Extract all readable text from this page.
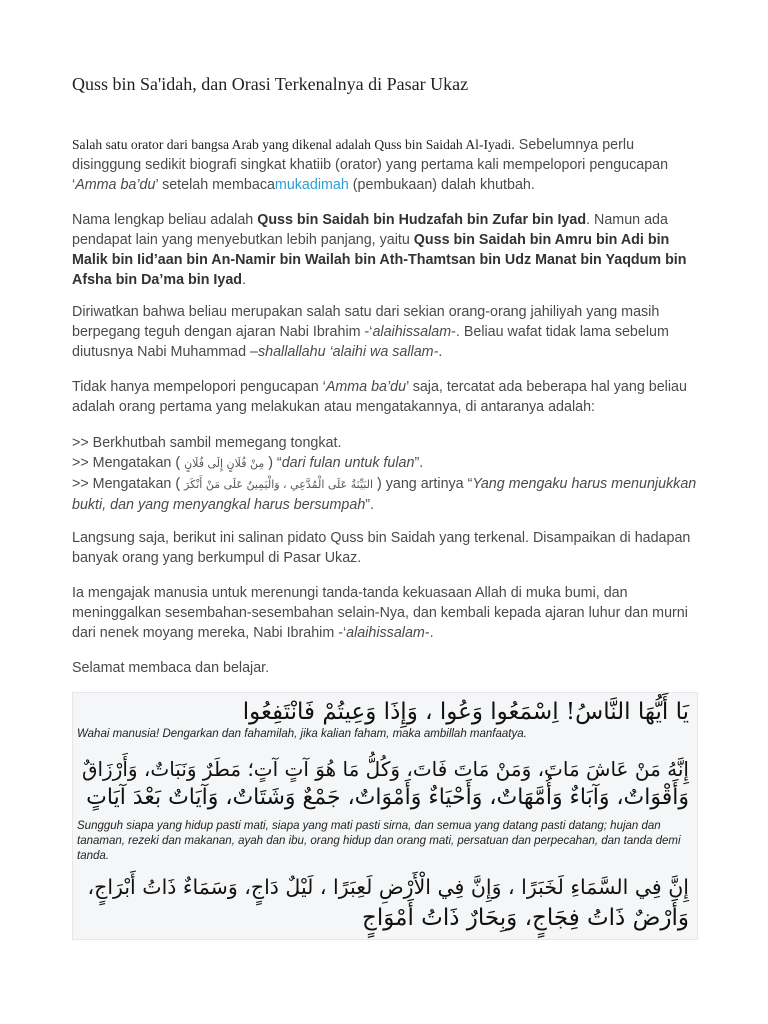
Quss bin Sa'idah, dan Orasi Terkenalnya di Pasar Ukaz

Salah satu orator dari bangsa Arab yang dikenal adalah Quss bin Saidah Al-Iyadi. Sebelumnya perlu disinggung sedikit biografi singkat khatiib (orator) yang pertama kali mempelopori pengucapan ‘Amma ba’du’ setelah membacamukadimah (pembukaan) dalah khutbah.

Nama lengkap beliau adalah Quss bin Saidah bin Hudzafah bin Zufar bin Iyad. Namun ada pendapat lain yang menyebutkan lebih panjang, yaitu Quss bin Saidah bin Amru bin Adi bin Malik bin Iid’aan bin An-Namir bin Wailah bin Ath-Thamtsan bin Udz Manat bin Yaqdum bin Afsha bin Da’ma bin Iyad.

Diriwatkan bahwa beliau merupakan salah satu dari sekian orang-orang jahiliyah yang masih berpegang teguh dengan ajaran Nabi Ibrahim -‘alaihissalam-. Beliau wafat tidak lama sebelum diutusnya Nabi Muhammad –shallallahu ‘alaihi wa sallam-.

Tidak hanya mempelopori pengucapan ‘Amma ba’du’ saja, tercatat ada beberapa hal yang beliau adalah orang pertama yang melakukan atau mengatakannya, di antaranya adalah:

>> Berkhutbah sambil memegang tongkat.
>> Mengatakan ( مِنْ فُلَانٍ إِلَى فُلَانٍ ) “dari fulan untuk fulan”.
>> Mengatakan ( البَيِّنَةُ عَلَى الْمُدَّعِي ، وَالْيَمِينُ عَلَى مَنْ أَنْكَرَ ) yang artinya “Yang mengaku harus menunjukkan bukti, dan yang menyangkal harus bersumpah”.

Langsung saja, berikut ini salinan pidato Quss bin Saidah yang terkenal. Disampaikan di hadapan banyak orang yang berkumpul di Pasar Ukaz.

Ia mengajak manusia untuk merenungi tanda-tanda kekuasaan Allah di muka bumi, dan meninggalkan sesembahan-sesembahan selain-Nya, dan kembali kepada ajaran luhur dan murni dari nenek moyang mereka, Nabi Ibrahim -‘alaihissalam-.

Selamat membaca dan belajar.

يَا أَيُّهَا النَّاسُ! اِسْمَعُوا وَعُوا ، وَإِذَا وَعِيتُمْ فَانْتَفِعُوا
Wahai manusia! Dengarkan dan fahamilah, jika kalian faham, maka ambillah manfaatya.
إِنَّهُ مَنْ عَاشَ مَاتَ، وَمَنْ مَاتَ فَاتَ، وَكُلُّ مَا هُوَ آتٍ آتٍ؛ مَطَرٌ وَنَبَاتٌ، وَأَرْزَاقٌ
وَأَقْوَاتٌ، وَآبَاءٌ وَأُمَّهَاتٌ، وَأَحْيَاءٌ وَأَمْوَاتٌ، جَمْعٌ وَشَتَاتٌ، وَآيَاتٌ بَعْدَ آيَاتٍ
Sungguh siapa yang hidup pasti mati, siapa yang mati pasti sirna, dan semua yang datang pasti datang; hujan dan tanaman, rezeki dan makanan, ayah dan ibu, orang hidup dan orang mati, persatuan dan perpecahan, dan tanda demi tanda.
إِنَّ فِي السَّمَاءِ لَخَبَرًا ، وَإِنَّ فِي الْأَرْضِ لَعِبَرًا ، لَيْلٌ دَاجٍ، وَسَمَاءٌ ذَاتُ أَبْرَاجٍ،
وَأَرْضٌ ذَاتُ فِجَاجٍ، وَبِحَارٌ ذَاتُ أَمْوَاجٍ
